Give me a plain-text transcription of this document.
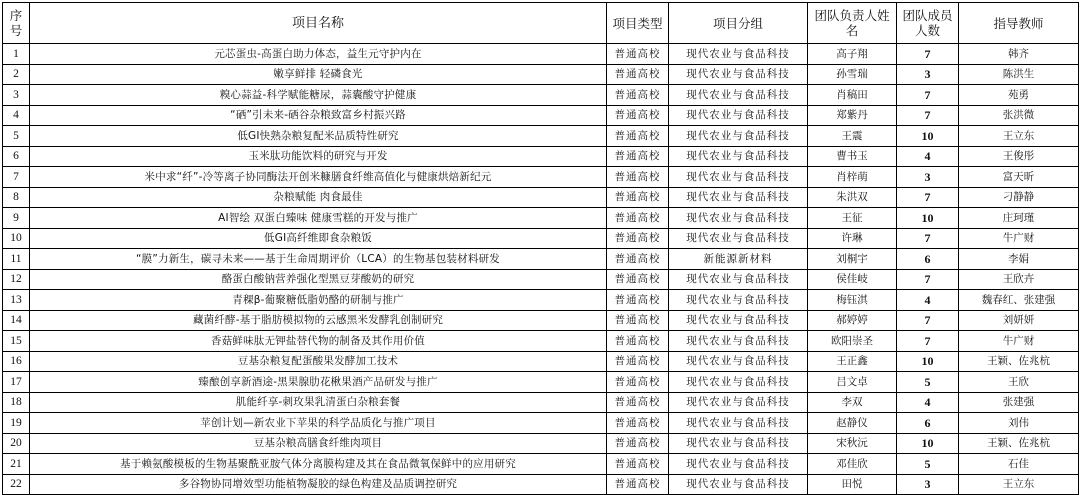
序号	项目名称	项目类型	项目分组	团队负责人姓名	团队成员人数	指导教师
1	元芯蛋虫-高蛋白助力体态，益生元守护内在	普通高校	现代农业与食品科技	高子翔	7	韩齐
2	嫩享鲜排 轻磷食光	普通高校	现代农业与食品科技	孙雪瑞	3	陈洪生
3	糗心蒜益-科学赋能糖尿，蒜囊酸守护健康	普通高校	现代农业与食品科技	肖稿田	7	苑勇
4	“硒”引未来-硒谷杂粮致富乡村振兴路	普通高校	现代农业与食品科技	郑紫丹	7	张洪微
5	低GI快熟杂粮复配米品质特性研究	普通高校	现代农业与食品科技	王震	10	王立东
6	玉米肽功能饮料的研究与开发	普通高校	现代农业与食品科技	曹书玉	4	王俊彤
7	米中求“纤”-冷等离子协同酶法开创米糠膳食纤维高值化与健康烘焙新纪元	普通高校	现代农业与食品科技	肖梓萌	3	富天昕
8	杂粮赋能 肉食最佳	普通高校	现代农业与食品科技	朱洪双	7	刁静静
9	AI智绘 双蛋白臻味 健康雪糕的开发与推广	普通高校	现代农业与食品科技	王征	10	庄珂瑾
10	低GI高纤维即食杂粮饭	普通高校	现代农业与食品科技	许琳	7	牛广财
11	“膜”力新生，碳寻未来——基于生命周期评价（LCA）的生物基包装材料研发	普通高校	新能源新材料	刘桐宇	6	李娟
12	酪蛋白酸钠营养强化型黑豆芽酸奶的研究	普通高校	现代农业与食品科技	侯佳岐	7	王欣卉
13	青稞β-葡聚糖低脂奶酪的研制与推广	普通高校	现代农业与食品科技	梅钰淇	4	魏春红、张建强
14	藏菌纤酵-基于脂肪模拟物的云感黑米发酵乳创制研究	普通高校	现代农业与食品科技	郝婷婷	7	刘妍妍
15	香菇鲜味肽无钾盐替代物的制备及其作用价值	普通高校	现代农业与食品科技	欧阳崇圣	7	牛广财
16	豆基杂粮复配蛋酸果发酵加工技术	普通高校	现代农业与食品科技	王正鑫	10	王颖、佐兆杭
17	臻酿创享新酒途-黑果腺肋花楸果酒产品研发与推广	普通高校	现代农业与食品科技	吕文卓	5	王欣
18	肌能纤享-刺玫果乳清蛋白杂粮套餐	普通高校	现代农业与食品科技	李双	4	张建强
19	苹创计划—新农业下苹果的科学品质化与推广项目	普通高校	现代农业与食品科技	赵静仪	6	刘伟
20	豆基杂粮高膳食纤维肉项目	普通高校	现代农业与食品科技	宋秋沅	10	王颖、佐兆杭
21	基于赖氨酸模板的生物基聚酰亚胺气体分离膜构建及其在食品微氧保鲜中的应用研究	普通高校	现代农业与食品科技	邓佳欣	5	石佳
22	多谷物协同增效型功能植物凝胶的绿色构建及品质调控研究	普通高校	现代农业与食品科技	田悦	3	王立东
